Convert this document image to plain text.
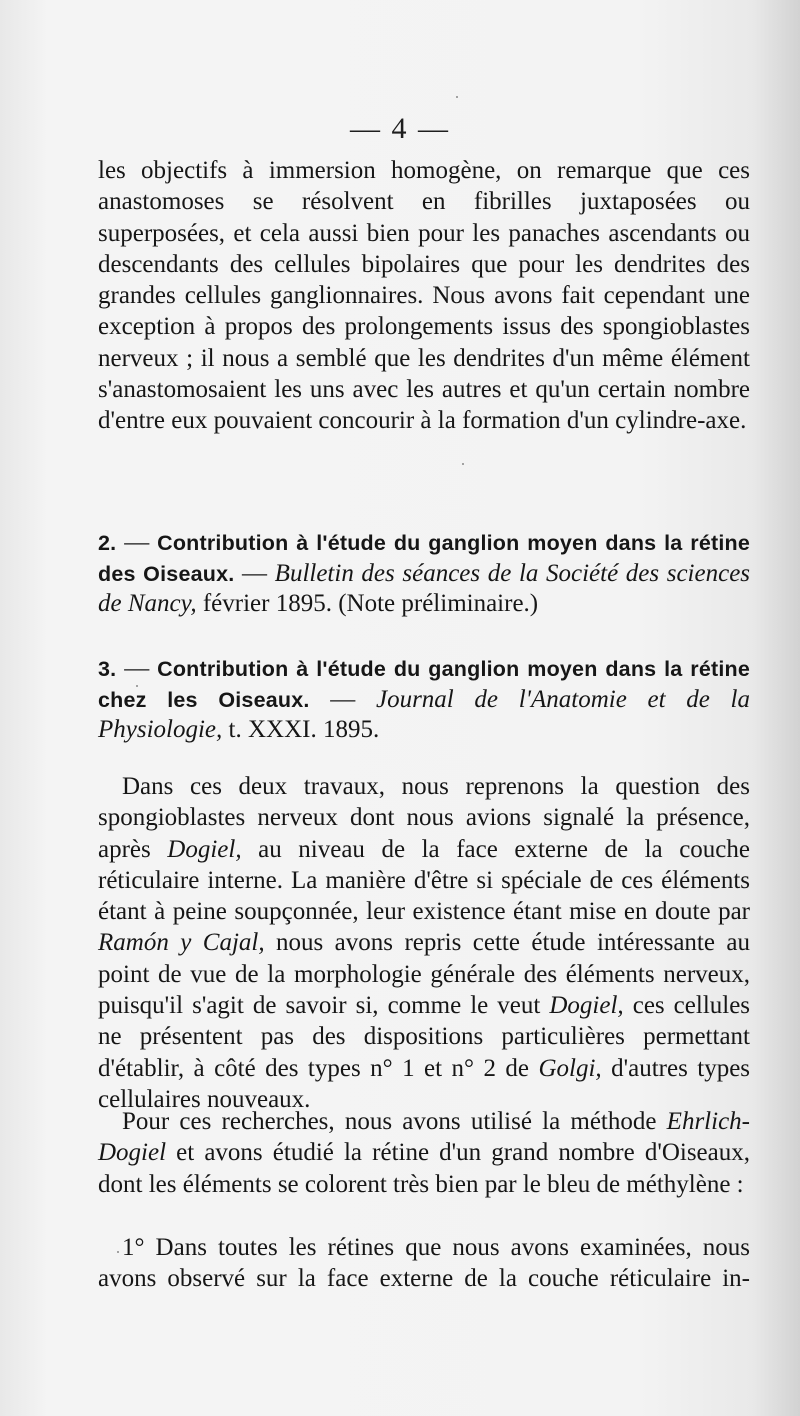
— 4 —

les objectifs à immersion homogène, on remarque que ces anastomoses se résolvent en fibrilles juxtaposées ou superposées, et cela aussi bien pour les panaches ascendants ou descendants des cellules bipolaires que pour les dendrites des grandes cellules ganglionnaires. Nous avons fait cependant une exception à propos des prolongements issus des spongioblastes nerveux ; il nous a semblé que les dendrites d'un même élément s'anastomosaient les uns avec les autres et qu'un certain nombre d'entre eux pouvaient concourir à la formation d'un cylindre-axe.

2. — Contribution à l'étude du ganglion moyen dans la rétine des Oiseaux. — Bulletin des séances de la Société des sciences de Nancy, février 1895. (Note préliminaire.)

3. — Contribution à l'étude du ganglion moyen dans la rétine chez les Oiseaux. — Journal de l'Anatomie et de la Physiologie, t. XXXI. 1895.

Dans ces deux travaux, nous reprenons la question des spongioblastes nerveux dont nous avions signalé la présence, après Dogiel, au niveau de la face externe de la couche réticulaire interne. La manière d'être si spéciale de ces éléments étant à peine soupçonnée, leur existence étant mise en doute par Ramón y Cajal, nous avons repris cette étude intéressante au point de vue de la morphologie générale des éléments nerveux, puisqu'il s'agit de savoir si, comme le veut Dogiel, ces cellules ne présentent pas des dispositions particulières permettant d'établir, à côté des types n° 1 et n° 2 de Golgi, d'autres types cellulaires nouveaux.

Pour ces recherches, nous avons utilisé la méthode Ehrlich-Dogiel et avons étudié la rétine d'un grand nombre d'Oiseaux, dont les éléments se colorent très bien par le bleu de méthylène :

1° Dans toutes les rétines que nous avons examinées, nous avons observé sur la face externe de la couche réticulaire in-
